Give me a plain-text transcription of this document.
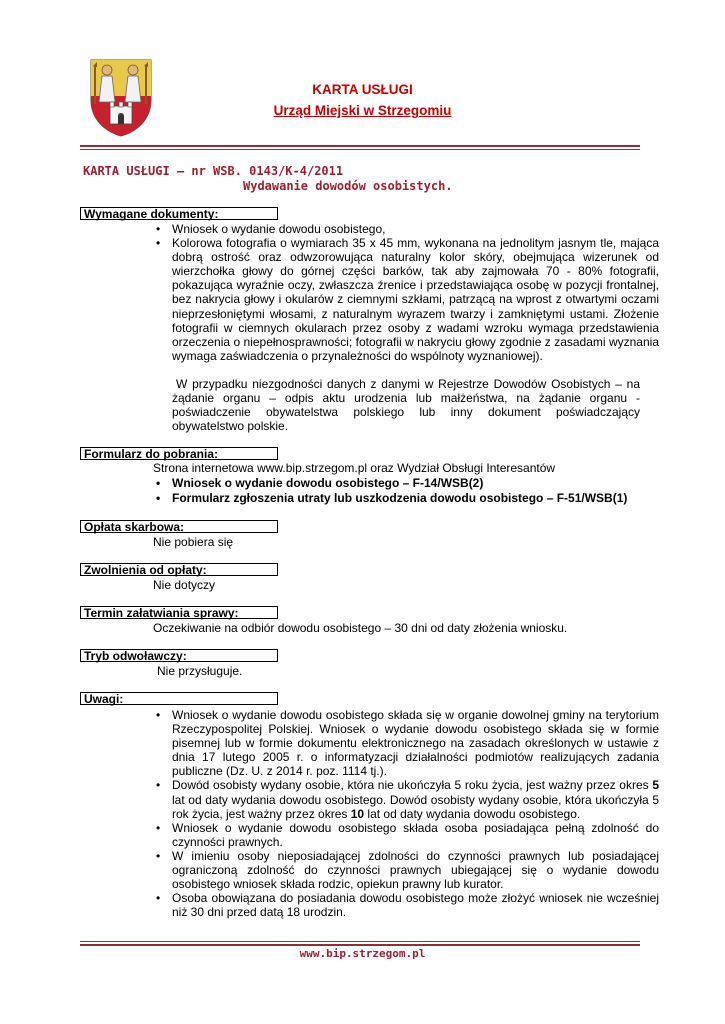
KARTA USŁUGI

Urząd Miejski w Strzegomiu

KARTA USŁUGI – nr WSB. 0143/K-4/2011

Wydawanie dowodów osobistych.

Wymagane dokumenty:

• Wniosek o wydanie dowodu osobistego,
• Kolorowa fotografia o wymiarach 35 x 45 mm, wykonana na jednolitym jasnym tle, mająca dobrą ostrość oraz odwzorowująca naturalny kolor skóry, obejmująca wizerunek od wierzchołka głowy do górnej części barków, tak aby zajmowała 70 - 80% fotografii, pokazująca wyraźnie oczy, zwłaszcza źrenice i przedstawiająca osobę w pozycji frontalnej, bez nakrycia głowy i okularów z ciemnymi szkłami, patrzącą na wprost z otwartymi oczami nieprzesłoniętymi włosami, z naturalnym wyrazem twarzy i zamkniętymi ustami. Złożenie fotografii w ciemnych okularach przez osoby z wadami wzroku wymaga przedstawienia orzeczenia o niepełnosprawności; fotografii w nakryciu głowy zgodnie z zasadami wyznania wymaga zaświadczenia o przynależności do wspólnoty wyznaniowej).

W przypadku niezgodności danych z danymi w Rejestrze Dowodów Osobistych – na żądanie organu – odpis aktu urodzenia lub małżeństwa, na żądanie organu - poświadczenie obywatelstwa polskiego lub inny dokument poświadczający obywatelstwo polskie.

Formularz do pobrania:

Strona internetowa www.bip.strzegom.pl oraz Wydział Obsługi Interesantów

• Wniosek o wydanie dowodu osobistego – F-14/WSB(2)
• Formularz zgłoszenia utraty lub uszkodzenia dowodu osobistego – F-51/WSB(1)

Opłata skarbowa:

Nie pobiera się

Zwolnienia od opłaty:

Nie dotyczy

Termin załatwiania sprawy:

Oczekiwanie na odbiór dowodu osobistego – 30 dni od daty złożenia wniosku.

Tryb odwoławczy:

Nie przysługuje.

Uwagi:

• Wniosek o wydanie dowodu osobistego składa się w organie dowolnej gminy na terytorium Rzeczypospolitej Polskiej. Wniosek o wydanie dowodu osobistego składa się w formie pisemnej lub w formie dokumentu elektronicznego na zasadach określonych w ustawie z dnia 17 lutego 2005 r. o informatyzacji działalności podmiotów realizujących zadania publiczne (Dz. U. z 2014 r. poz. 1114 tj.).
• Dowód osobisty wydany osobie, która nie ukończyła 5 roku życia, jest ważny przez okres 5 lat od daty wydania dowodu osobistego. Dowód osobisty wydany osobie, która ukończyła 5 rok życia, jest ważny przez okres 10 lat od daty wydania dowodu osobistego.
• Wniosek o wydanie dowodu osobistego składa osoba posiadająca pełną zdolność do czynności prawnych.
• W imieniu osoby nieposiadającej zdolności do czynności prawnych lub posiadającej ograniczoną zdolność do czynności prawnych ubiegającej się o wydanie dowodu osobistego wniosek składa rodzic, opiekun prawny lub kurator.
• Osoba obowiązana do posiadania dowodu osobistego może złożyć wniosek nie wcześniej niż 30 dni przed datą 18 urodzin.

www.bip.strzegom.pl
